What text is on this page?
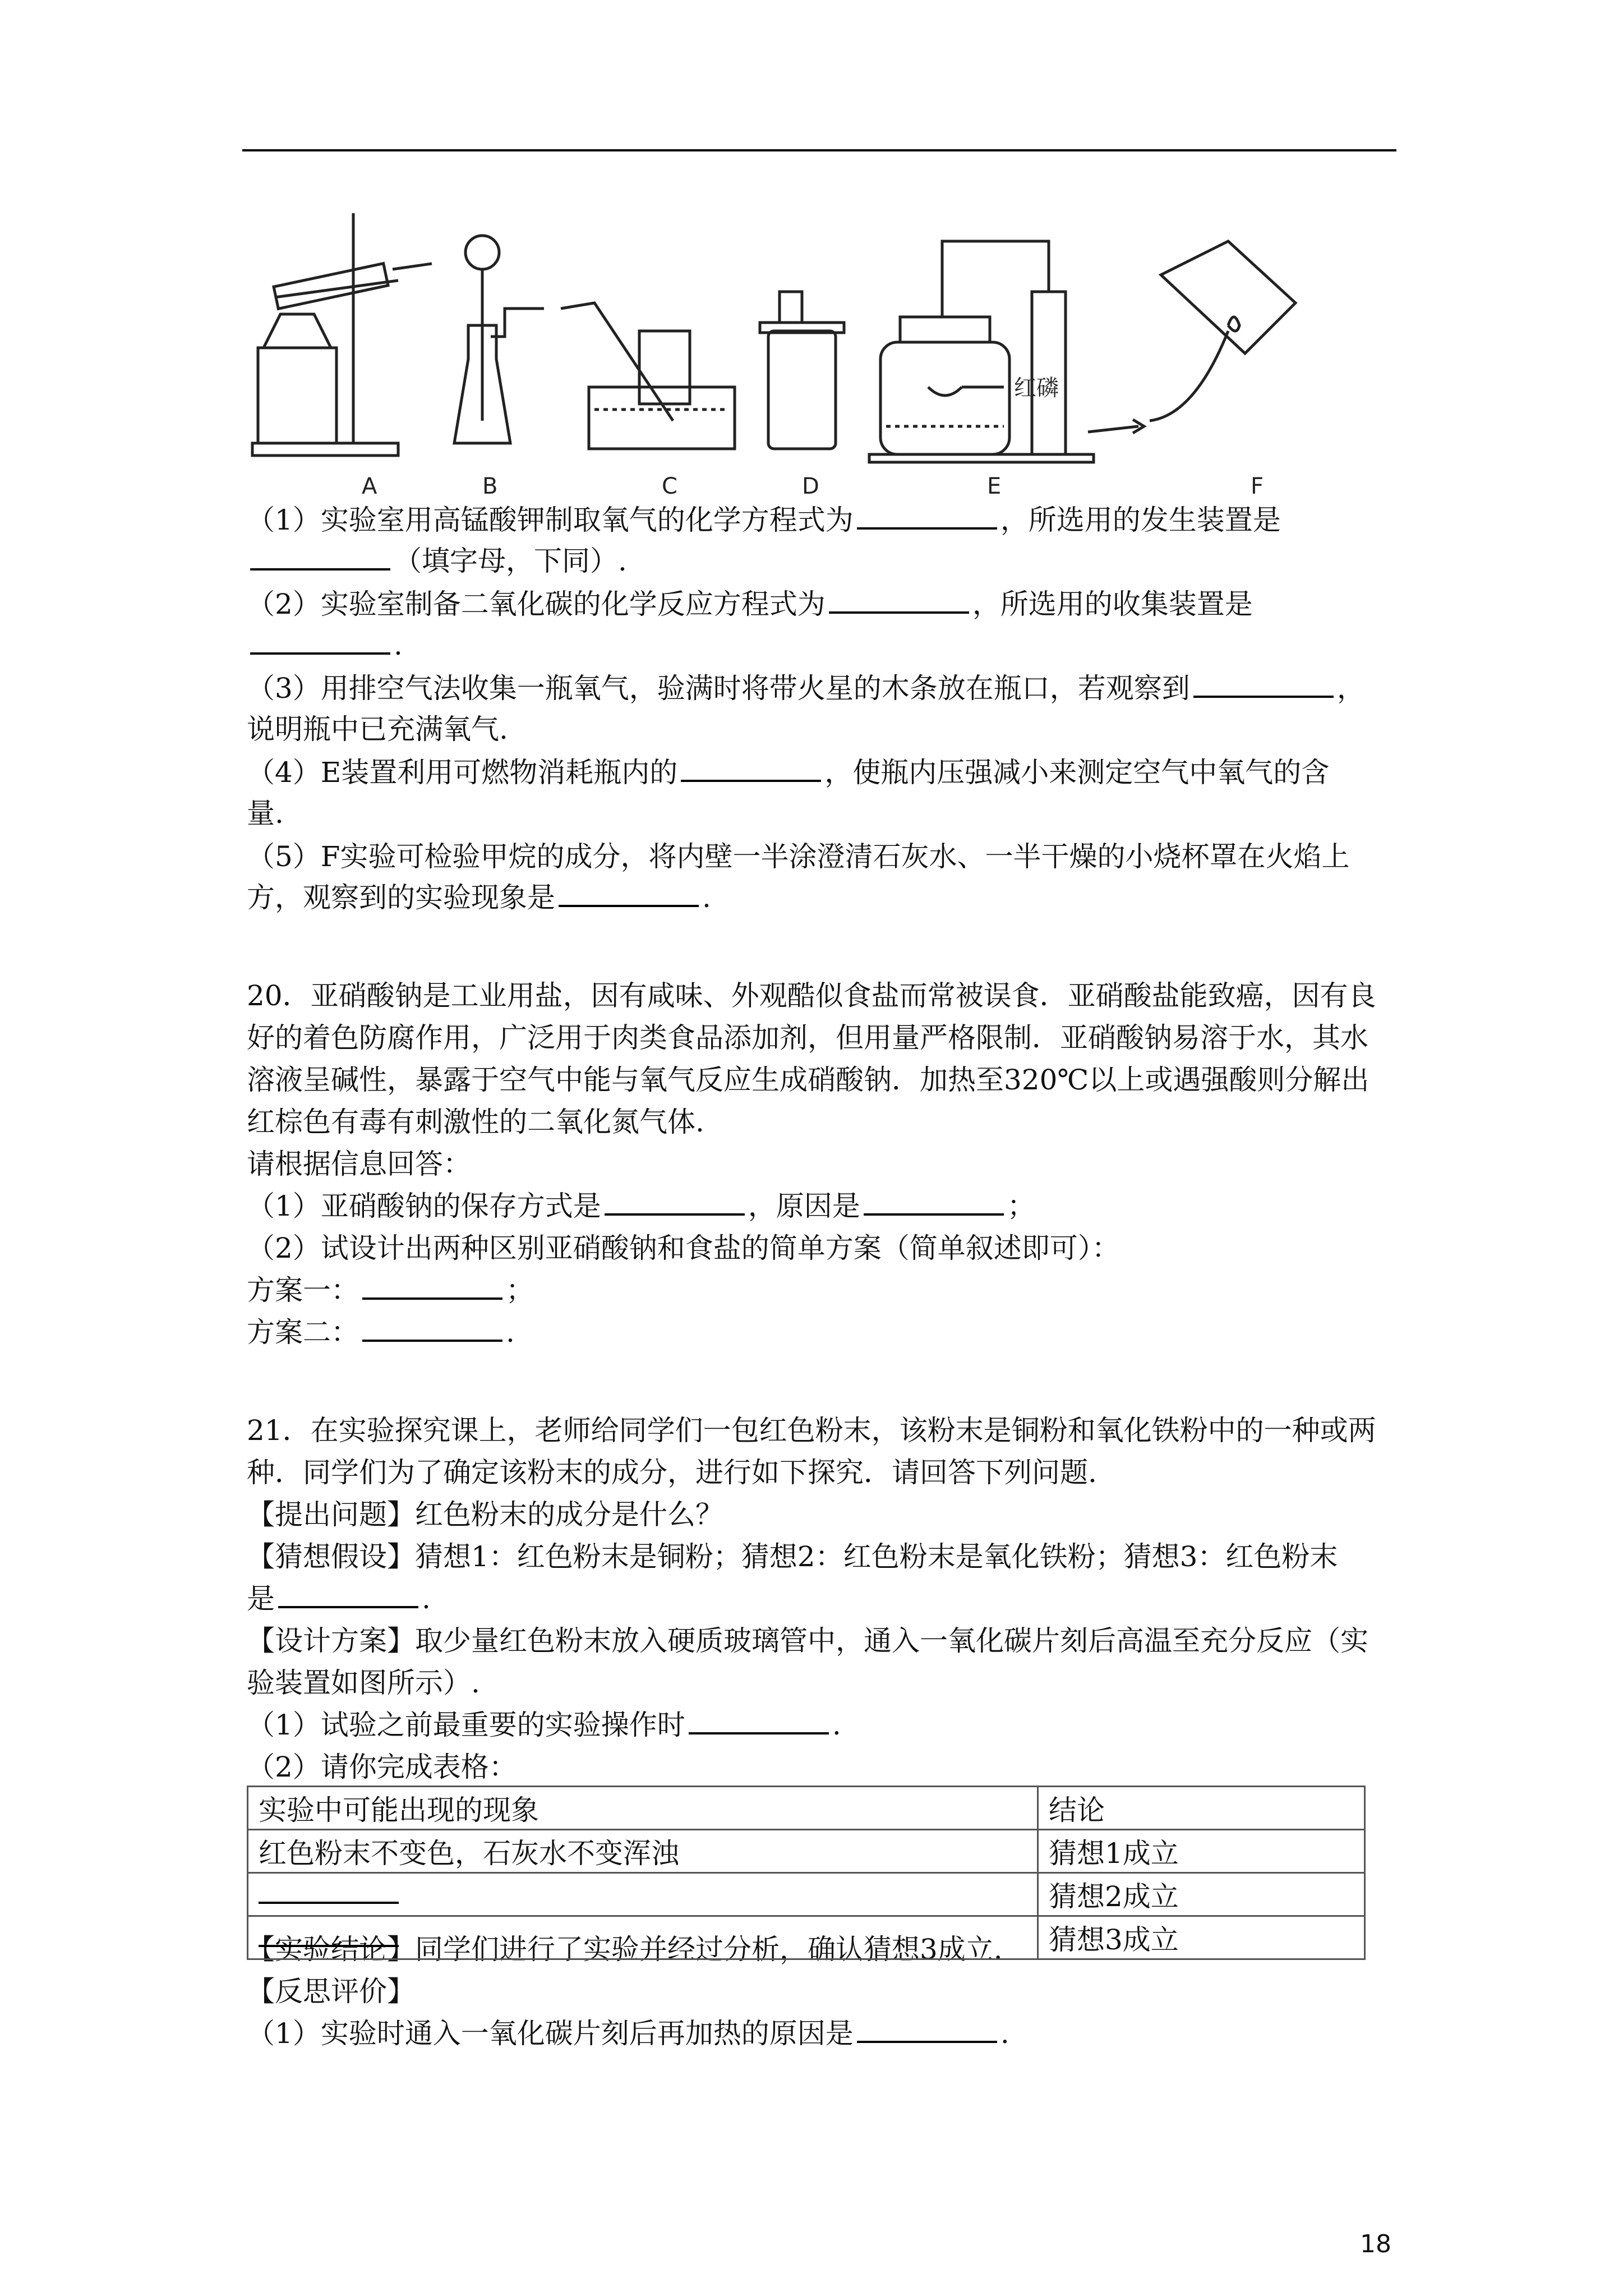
红磷
A	B	C	D	E	F
（1）实验室用高锰酸钾制取氧气的化学方程式为	，所选用的发生装置是
（填字母，下同）.
（2）实验室制备二氧化碳的化学反应方程式为	，所选用的收集装置是
.
（3）用排空气法收集一瓶氧气，验满时将带火星的木条放在瓶口，若观察到	，
说明瓶中已充满氧气.
（4）E装置利用可燃物消耗瓶内的	，使瓶内压强减小来测定空气中氧气的含
量.
（5）F实验可检验甲烷的成分，将内壁一半涂澄清石灰水、一半干燥的小烧杯罩在火焰上
方，观察到的实验现象是	.
20．亚硝酸钠是工业用盐，因有咸味、外观酷似食盐而常被误食．亚硝酸盐能致癌，因有良
好的着色防腐作用，广泛用于肉类食品添加剂，但用量严格限制．亚硝酸钠易溶于水，其水
溶液呈碱性，暴露于空气中能与氧气反应生成硝酸钠．加热至320℃以上或遇强酸则分解出
红棕色有毒有刺激性的二氧化氮气体.
请根据信息回答：
（1）亚硝酸钠的保存方式是	，原因是	；
（2）试设计出两种区别亚硝酸钠和食盐的简单方案（简单叙述即可）：
方案一：	；
方案二：	.
21．在实验探究课上，老师给同学们一包红色粉末，该粉末是铜粉和氧化铁粉中的一种或两
种．同学们为了确定该粉末的成分，进行如下探究．请回答下列问题.
【提出问题】红色粉末的成分是什么？
【猜想假设】猜想1：红色粉末是铜粉；猜想2：红色粉末是氧化铁粉；猜想3：红色粉末
是	.
【设计方案】取少量红色粉末放入硬质玻璃管中，通入一氧化碳片刻后高温至充分反应（实
验装置如图所示）.
（1）试验之前最重要的实验操作时	.
（2）请你完成表格：
【实验结论】同学们进行了实验并经过分析，确认猜想3成立.
【反思评价】
（1）实验时通入一氧化碳片刻后再加热的原因是	.
实验中可能出现的现象	结论
红色粉末不变色，石灰水不变浑浊	猜想1成立
	猜想2成立
	猜想3成立
18
